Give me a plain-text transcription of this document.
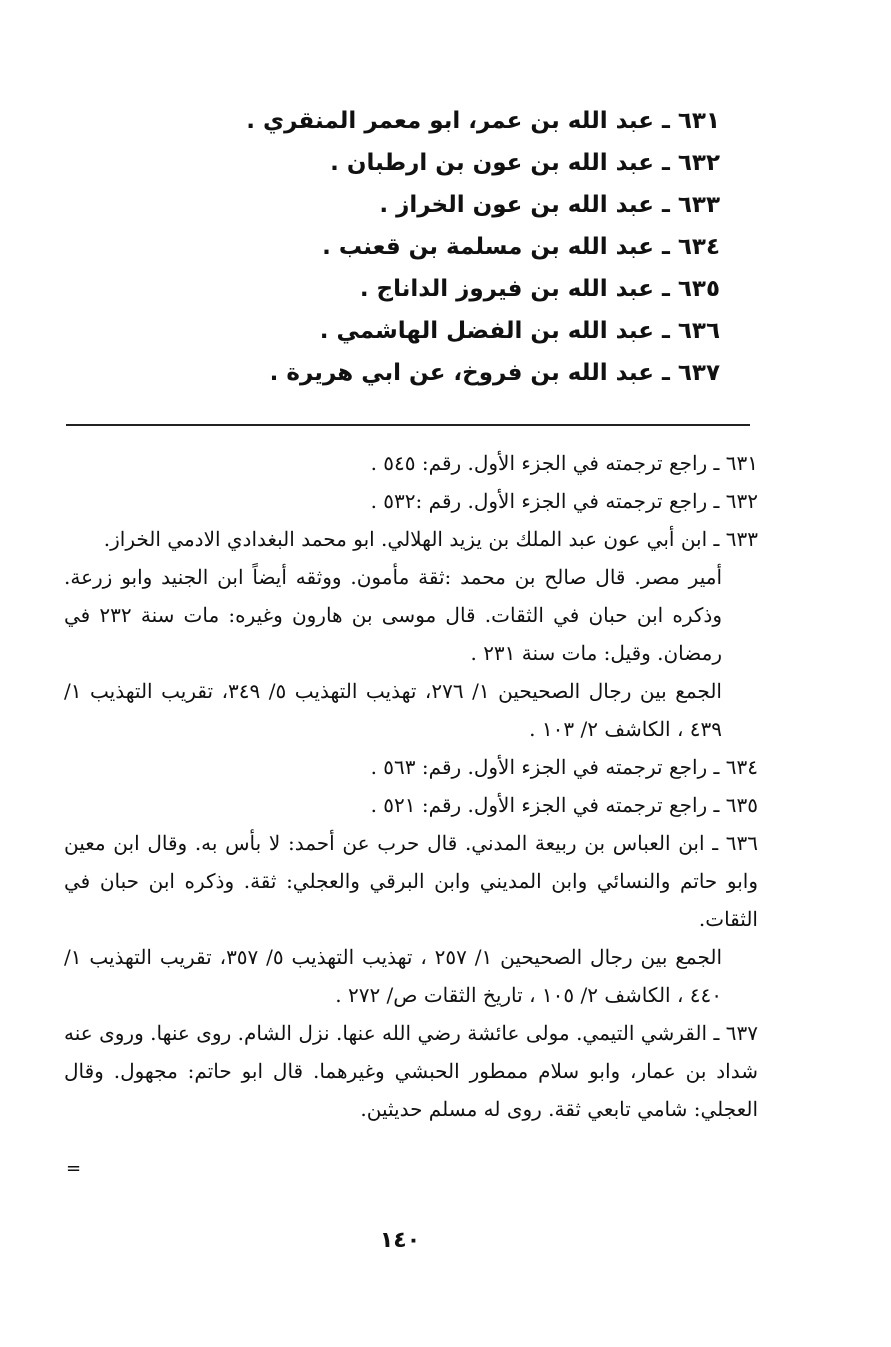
٦٣١ ـ عبد الله بن عمر، ابو معمر المنقري .
٦٣٢ ـ عبد الله بن عون بن ارطبان .
٦٣٣ ـ عبد الله بن عون الخراز .
٦٣٤ ـ عبد الله بن مسلمة بن قعنب .
٦٣٥ ـ عبد الله بن فيروز الداناج .
٦٣٦ ـ عبد الله بن الفضل الهاشمي .
٦٣٧ ـ عبد الله بن فروخ، عن ابي هريرة .
٦٣١ ـ راجع ترجمته في الجزء الأول. رقم: ٥٤٥ .
٦٣٢ ـ راجع ترجمته في الجزء الأول. رقم :٥٣٢ .
٦٣٣ ـ ابن أبي عون عبد الملك بن يزيد الهلالي. ابو محمد البغدادي الادمي الخراز.
أمير مصر. قال صالح بن محمد :ثقة مأمون. ووثقه أيضاً ابن الجنيد وابو زرعة. وذكره ابن حبان في الثقات. قال موسى بن هارون وغيره: مات سنة ٢٣٢ في رمضان. وقيل: مات سنة ٢٣١ .
الجمع بين رجال الصحيحين ١/ ٢٧٦، تهذيب التهذيب ٥/ ٣٤٩، تقريب التهذيب ١/ ٤٣٩ ، الكاشف ٢/ ١٠٣ .
٦٣٤ ـ راجع ترجمته في الجزء الأول. رقم: ٥٦٣ .
٦٣٥ ـ راجع ترجمته في الجزء الأول. رقم: ٥٢١ .
٦٣٦ ـ ابن العباس بن ربيعة المدني. قال حرب عن أحمد: لا بأس به. وقال ابن معين وابو حاتم والنسائي وابن المديني وابن البرقي والعجلي: ثقة. وذكره ابن حبان في الثقات.
الجمع بين رجال الصحيحين ١/ ٢٥٧ ، تهذيب التهذيب ٥/ ٣٥٧، تقريب التهذيب ١/ ٤٤٠ ، الكاشف ٢/ ١٠٥ ، تاريخ الثقات ص/ ٢٧٢ .
٦٣٧ ـ القرشي التيمي. مولى عائشة رضي الله عنها. نزل الشام. روى عنها. وروى عنه شداد بن عمار، وابو سلام ممطور الحبشي وغيرهما. قال ابو حاتم: مجهول. وقال العجلي: شامي تابعي ثقة. روى له مسلم حديثين.
=
١٤٠
